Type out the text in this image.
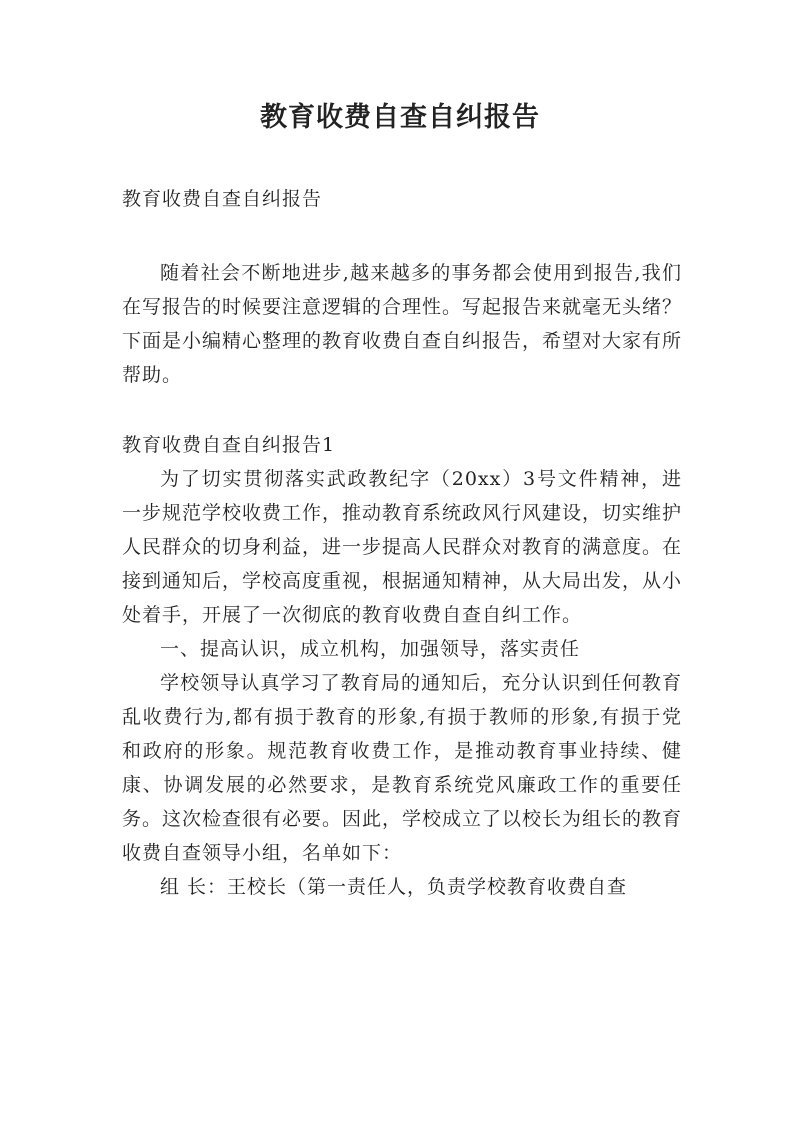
教育收费自查自纠报告

教育收费自查自纠报告

随着社会不断地进步,越来越多的事务都会使用到报告,我们在写报告的时候要注意逻辑的合理性。写起报告来就毫无头绪？下面是小编精心整理的教育收费自查自纠报告，希望对大家有所帮助。

教育收费自查自纠报告1

为了切实贯彻落实武政教纪字（20xx）3号文件精神，进一步规范学校收费工作，推动教育系统政风行风建设，切实维护人民群众的切身利益，进一步提高人民群众对教育的满意度。在接到通知后，学校高度重视，根据通知精神，从大局出发，从小处着手，开展了一次彻底的教育收费自查自纠工作。

一、提高认识，成立机构，加强领导，落实责任

学校领导认真学习了教育局的通知后，充分认识到任何教育乱收费行为,都有损于教育的形象,有损于教师的形象,有损于党和政府的形象。规范教育收费工作，是推动教育事业持续、健康、协调发展的必然要求，是教育系统党风廉政工作的重要任务。这次检查很有必要。因此，学校成立了以校长为组长的教育收费自查领导小组，名单如下：

组 长：王校长（第一责任人，负责学校教育收费自查
